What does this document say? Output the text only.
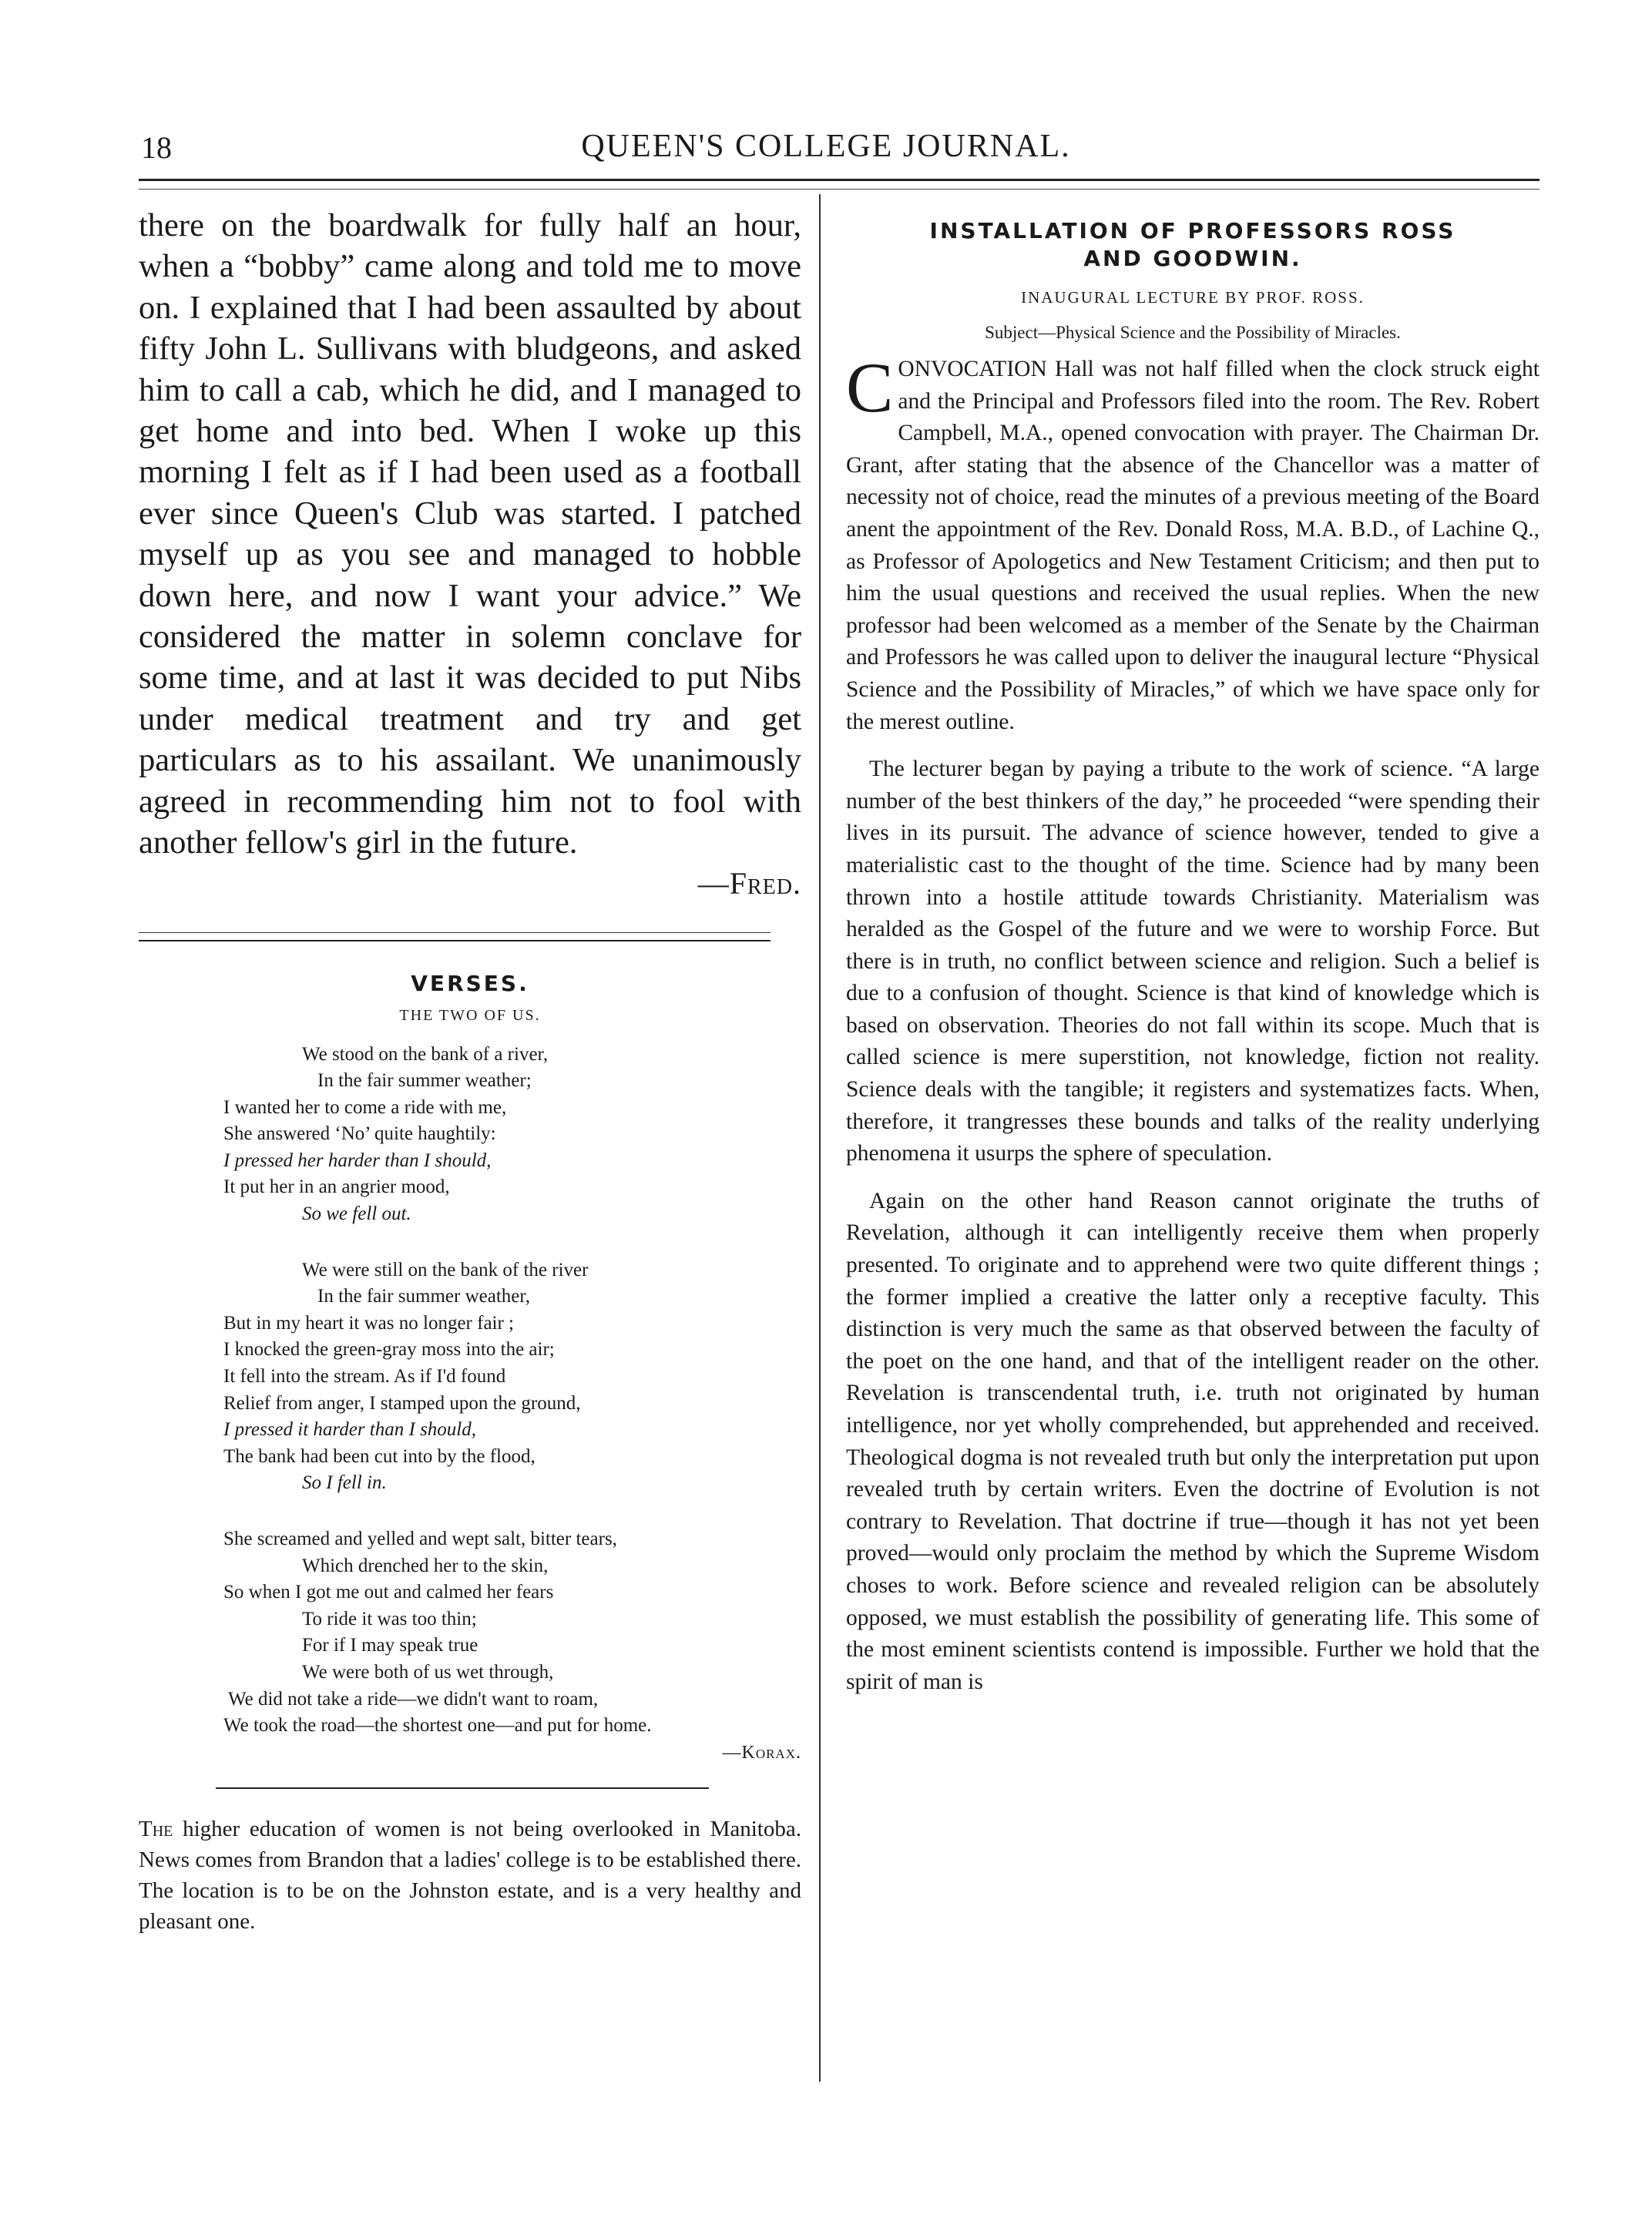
18	QUEEN'S COLLEGE JOURNAL.

there on the boardwalk for fully half an hour, when a “bobby” came along and told me to move on. I explained that I had been assaulted by about fifty John L. Sullivans with bludgeons, and asked him to call a cab, which he did, and I managed to get home and into bed. When I woke up this morning I felt as if I had been used as a football ever since Queen's Club was started. I patched myself up as you see and managed to hobble down here, and now I want your advice.” We considered the matter in solemn conclave for some time, and at last it was decided to put Nibs under medical treatment and try and get particulars as to his assailant. We unanimously agreed in recommending him not to fool with another fellow's girl in the future.

—Fred.
VERSES.
THE TWO OF US.
We stood on the bank of a river,
In the fair summer weather;
I wanted her to come a ride with me,
She answered ‘No’ quite haughtily:
I pressed her harder than I should,
It put her in an angrier mood,
So we fell out.
We were still on the bank of the river
In the fair summer weather,
But in my heart it was no longer fair ;
I knocked the green-gray moss into the air;
It fell into the stream. As if I'd found
Relief from anger, I stamped upon the ground,
I pressed it harder than I should,
The bank had been cut into by the flood,
So I fell in.
She screamed and yelled and wept salt, bitter tears,
Which drenched her to the skin,
So when I got me out and calmed her fears
To ride it was too thin;
For if I may speak true
We were both of us wet through,
We did not take a ride—we didn't want to roam,
We took the road—the shortest one—and put for home.
—Korax.

The higher education of women is not being overlooked in Manitoba. News comes from Brandon that a ladies' college is to be established there. The location is to be on the Johnston estate, and is a very healthy and pleasant one.

INSTALLATION OF PROFESSORS ROSS
AND GOODWIN.
INAUGURAL LECTURE BY PROF. ROSS.
Subject—Physical Science and the Possibility of Miracles.

CONVOCATION Hall was not half filled when the clock struck eight and the Principal and Professors filed into the room. The Rev. Robert Campbell, M.A., opened convocation with prayer. The Chairman Dr. Grant, after stating that the absence of the Chancellor was a matter of necessity not of choice, read the minutes of a previous meeting of the Board anent the appointment of the Rev. Donald Ross, M.A. B.D., of Lachine Q., as Professor of Apologetics and New Testament Criticism; and then put to him the usual questions and received the usual replies. When the new professor had been welcomed as a member of the Senate by the Chairman and Professors he was called upon to deliver the inaugural lecture “Physical Science and the Possibility of Miracles,” of which we have space only for the merest outline.

The lecturer began by paying a tribute to the work of science. “A large number of the best thinkers of the day,” he proceeded “were spending their lives in its pursuit. The advance of science however, tended to give a materialistic cast to the thought of the time. Science had by many been thrown into a hostile attitude towards Christianity. Materialism was heralded as the Gospel of the future and we were to worship Force. But there is in truth, no conflict between science and religion. Such a belief is due to a confusion of thought. Science is that kind of knowledge which is based on observation. Theories do not fall within its scope. Much that is called science is mere superstition, not knowledge, fiction not reality. Science deals with the tangible; it registers and systematizes facts. When, therefore, it trangresses these bounds and talks of the reality underlying phenomena it usurps the sphere of speculation.

Again on the other hand Reason cannot originate the truths of Revelation, although it can intelligently receive them when properly presented. To originate and to apprehend were two quite different things ; the former implied a creative the latter only a receptive faculty. This distinction is very much the same as that observed between the faculty of the poet on the one hand, and that of the intelligent reader on the other. Revelation is transcendental truth, i.e. truth not originated by human intelligence, nor yet wholly comprehended, but apprehended and received. Theological dogma is not revealed truth but only the interpretation put upon revealed truth by certain writers. Even the doctrine of Evolution is not contrary to Revelation. That doctrine if true—though it has not yet been proved—would only proclaim the method by which the Supreme Wisdom choses to work. Before science and revealed religion can be absolutely opposed, we must establish the possibility of generating life. This some of the most eminent scientists contend is impossible. Further we hold that the spirit of man is
